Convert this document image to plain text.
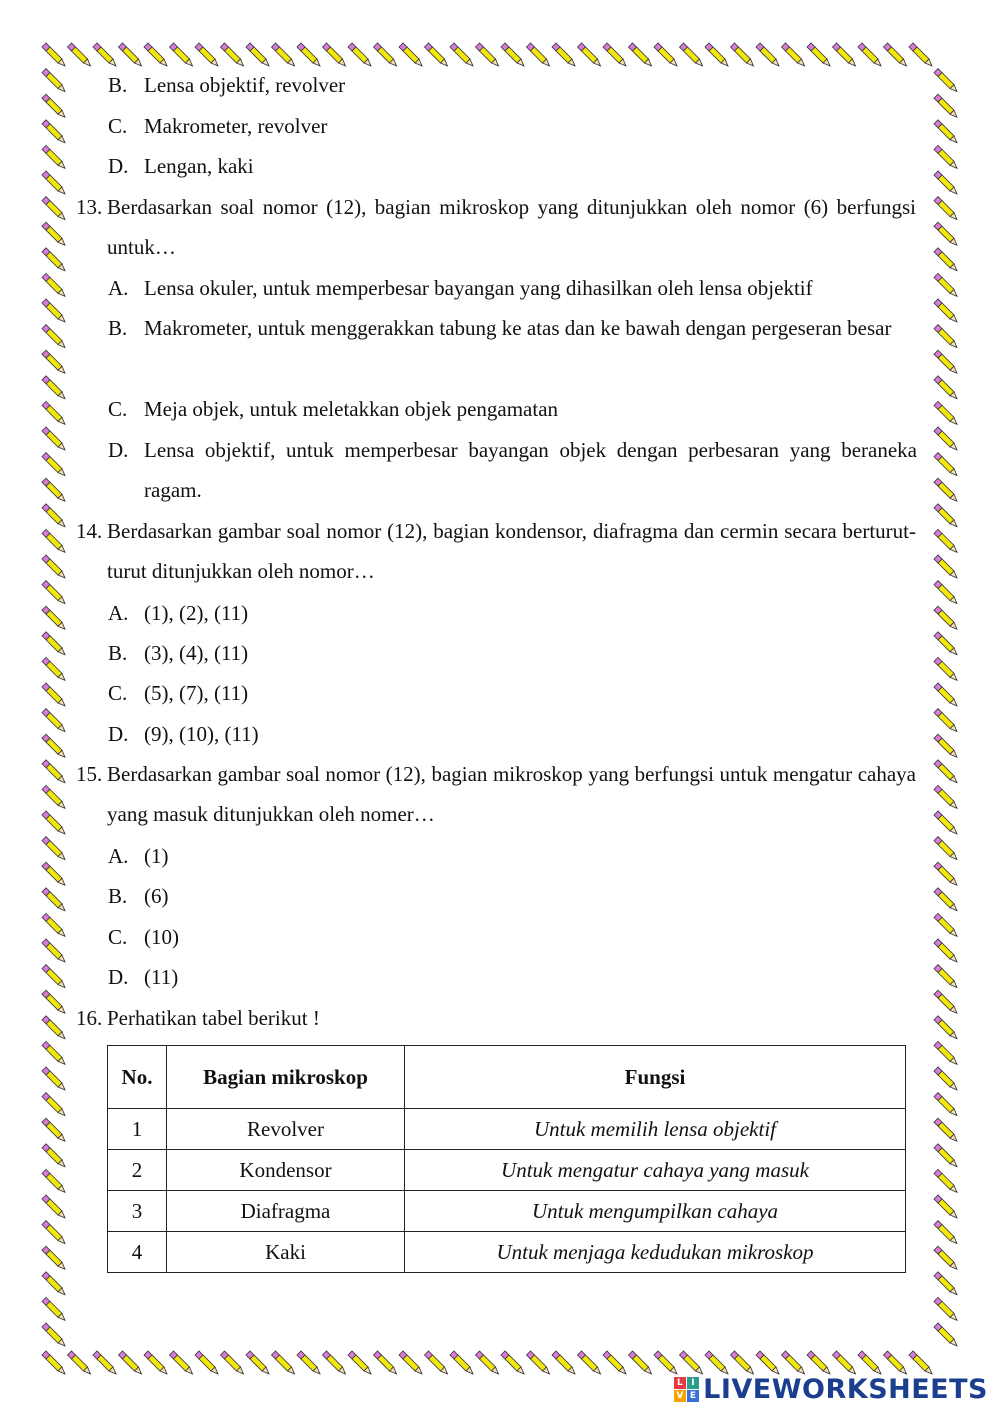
B. Lensa objektif, revolver
C. Makrometer, revolver
D. Lengan, kaki
13. Berdasarkan soal nomor (12), bagian mikroskop yang ditunjukkan oleh nomor (6) berfungsi untuk…
A. Lensa okuler, untuk memperbesar bayangan yang dihasilkan oleh lensa objektif
B. Makrometer, untuk menggerakkan tabung ke atas dan ke bawah dengan pergeseran besar
C. Meja objek, untuk meletakkan objek pengamatan
D. Lensa objektif, untuk memperbesar bayangan objek dengan perbesaran yang beraneka ragam.
14. Berdasarkan gambar soal nomor (12), bagian kondensor, diafragma dan cermin secara berturut-turut ditunjukkan oleh nomor…
A. (1), (2), (11)
B. (3), (4), (11)
C. (5), (7), (11)
D. (9), (10), (11)
15. Berdasarkan gambar soal nomor (12), bagian mikroskop yang berfungsi untuk mengatur cahaya yang masuk ditunjukkan oleh nomer…
A. (1)
B. (6)
C. (10)
D. (11)
16. Perhatikan tabel berikut !
No.	Bagian mikroskop	Fungsi
1	Revolver	Untuk memilih lensa objektif
2	Kondensor	Untuk mengatur cahaya yang masuk
3	Diafragma	Untuk mengumpilkan cahaya
4	Kaki	Untuk menjaga kedudukan mikroskop
L I
V E LIVEWORKSHEETS
